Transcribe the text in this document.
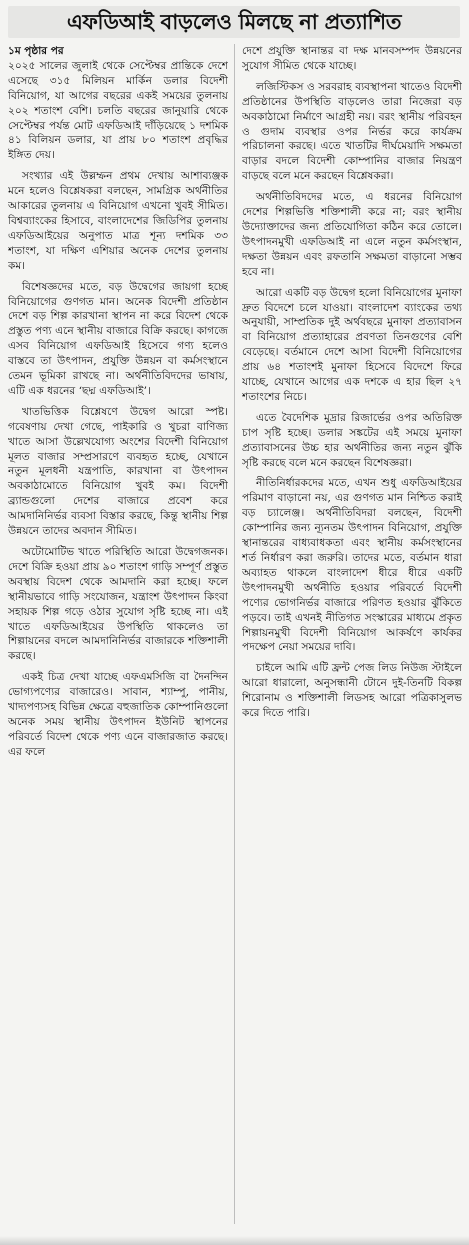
এফডিআই বাড়লেও মিলছে না প্রত্যাশিত
১ম পৃষ্ঠার পর

২০২৫ সালের জুলাই থেকে সেপ্টেম্বর প্রান্তিকে দেশে এসেছে ৩১৫ মিলিয়ন মার্কিন ডলার বিদেশী বিনিয়োগ, যা আগের বছরের একই সময়ের তুলনায় ২০২ শতাংশ বেশি। চলতি বছরের জানুয়ারি থেকে সেপ্টেম্বর পর্যন্ত মোট এফডিআই দাঁড়িয়েছে ১ দশমিক ৪১ বিলিয়ন ডলার, যা প্রায় ৮০ শতাংশ প্রবৃদ্ধির ইঙ্গিত দেয়।

সংখ্যার এই উল্লম্ফন প্রথম দেখায় আশাব্যঞ্জক মনে হলেও বিশ্লেষকরা বলছেন, সামগ্রিক অর্থনীতির আকারের তুলনায় এ বিনিয়োগ এখনো খুবই সীমিত। বিশ্বব্যাংকের হিসাবে, বাংলাদেশের জিডিপির তুলনায় এফডিআইয়ের অনুপাত মাত্র শূন্য দশমিক ৩৩ শতাংশ, যা দক্ষিণ এশিয়ার অনেক দেশের তুলনায় কম।

বিশেষজ্ঞদের মতে, বড় উদ্বেগের জায়গা হচ্ছে বিনিয়োগের গুণগত মান। অনেক বিদেশী প্রতিষ্ঠান দেশে বড় শিল্প কারখানা স্থাপন না করে বিদেশ থেকে প্রস্তুত পণ্য এনে স্থানীয় বাজারে বিক্রি করছে। কাগজে এসব বিনিয়োগ এফডিআই হিসেবে গণ্য হলেও বাস্তবে তা উৎপাদন, প্রযুক্তি উন্নয়ন বা কর্মসংস্থানে তেমন ভূমিকা রাখছে না। অর্থনীতিবিদদের ভাষায়, এটি এক ধরনের ‘ছদ্ম এফডিআই’।

খাতভিত্তিক বিশ্লেষণে উদ্বেগ আরো স্পষ্ট। গবেষণায় দেখা গেছে, পাইকারি ও খুচরা বাণিজ্য খাতে আসা উল্লেখযোগ্য অংশের বিদেশী বিনিয়োগ মূলত বাজার সম্প্রসারণে ব্যবহৃত হচ্ছে, যেখানে নতুন মূলধনী যন্ত্রপাতি, কারখানা বা উৎপাদন অবকাঠামোতে বিনিয়োগ খুবই কম। বিদেশী ব্র্যান্ডগুলো দেশের বাজারে প্রবেশ করে আমদানিনির্ভর ব্যবসা বিস্তার করছে, কিন্তু স্থানীয় শিল্প উন্নয়নে তাদের অবদান সীমিত।

অটোমোটিভ খাতে পরিস্থিতি আরো উদ্বেগজনক। দেশে বিক্রি হওয়া প্রায় ৯০ শতাংশ গাড়ি সম্পূর্ণ প্রস্তুত অবস্থায় বিদেশ থেকে আমদানি করা হচ্ছে। ফলে স্থানীয়ভাবে গাড়ি সংযোজন, যন্ত্রাংশ উৎপাদন কিংবা সহায়ক শিল্প গড়ে ওঠার সুযোগ সৃষ্টি হচ্ছে না। এই খাতে এফডিআইয়ের উপস্থিতি থাকলেও তা শিল্পায়নের বদলে আমদানিনির্ভর বাজারকে শক্তিশালী করছে।

একই চিত্র দেখা যাচ্ছে এফএমসিজি বা দৈনন্দিন ভোগ্যপণ্যের বাজারেও। সাবান, শ্যাম্পু, পানীয়, খাদ্যপণ্যসহ বিভিন্ন ক্ষেত্রে বহুজাতিক কোম্পানিগুলো অনেক সময় স্থানীয় উৎপাদন ইউনিট স্থাপনের পরিবর্তে বিদেশ থেকে পণ্য এনে বাজারজাত করছে। এর ফলে

দেশে প্রযুক্তি স্থানান্তর বা দক্ষ মানবসম্পদ উন্নয়নের সুযোগ সীমিত থেকে যাচ্ছে।

লজিস্টিকস ও সরবরাহ ব্যবস্থাপনা খাতেও বিদেশী প্রতিষ্ঠানের উপস্থিতি বাড়লেও তারা নিজেরা বড় অবকাঠামো নির্মাণে আগ্রহী নয়। বরং স্থানীয় পরিবহন ও গুদাম ব্যবস্থার ওপর নির্ভর করে কার্যক্রম পরিচালনা করছে। এতে খাতটির দীর্ঘমেয়াদি সক্ষমতা বাড়ার বদলে বিদেশী কোম্পানির বাজার নিয়ন্ত্রণ বাড়ছে বলে মনে করছেন বিশ্লেষকরা।

অর্থনীতিবিদদের মতে, এ ধরনের বিনিয়োগ দেশের শিল্পভিত্তি শক্তিশালী করে না; বরং স্থানীয় উদ্যোক্তাদের জন্য প্রতিযোগিতা কঠিন করে তোলে। উৎপাদনমুখী এফডিআই না এলে নতুন কর্মসংস্থান, দক্ষতা উন্নয়ন এবং রফতানি সক্ষমতা বাড়ানো সম্ভব হবে না।

আরো একটি বড় উদ্বেগ হলো বিনিয়োগের মুনাফা দ্রুত বিদেশে চলে যাওয়া। বাংলাদেশ ব্যাংকের তথ্য অনুযায়ী, সাম্প্রতিক দুই অর্থবছরে মুনাফা প্রত্যাবাসন বা বিনিয়োগ প্রত্যাহারের প্রবণতা তিনগুণের বেশি বেড়েছে। বর্তমানে দেশে আসা বিদেশী বিনিয়োগের প্রায় ৬৪ শতাংশই মুনাফা হিসেবে বিদেশে ফিরে যাচ্ছে, যেখানে আগের এক দশকে এ হার ছিল ২৭ শতাংশের নিচে।

এতে বৈদেশিক মুদ্রার রিজার্ভের ওপর অতিরিক্ত চাপ সৃষ্টি হচ্ছে। ডলার সঙ্কটের এই সময়ে মুনাফা প্রত্যাবাসনের উচ্চ হার অর্থনীতির জন্য নতুন ঝুঁকি সৃষ্টি করছে বলে মনে করছেন বিশেষজ্ঞরা।

নীতিনির্ধারকদের মতে, এখন শুধু এফডিআইয়ের পরিমাণ বাড়ানো নয়, এর গুণগত মান নিশ্চিত করাই বড় চ্যালেঞ্জ। অর্থনীতিবিদরা বলছেন, বিদেশী কোম্পানির জন্য ন্যূনতম উৎপাদন বিনিয়োগ, প্রযুক্তি স্থানান্তরের বাধ্যবাধকতা এবং স্থানীয় কর্মসংস্থানের শর্ত নির্ধারণ করা জরুরি। তাদের মতে, বর্তমান ধারা অব্যাহত থাকলে বাংলাদেশ ধীরে ধীরে একটি উৎপাদনমুখী অর্থনীতি হওয়ার পরিবর্তে বিদেশী পণ্যের ভোগনির্ভর বাজারে পরিণত হওয়ার ঝুঁকিতে পড়বে। তাই এখনই নীতিগত সংস্কারের মাধ্যমে প্রকৃত শিল্পায়নমুখী বিদেশী বিনিয়োগ আকর্ষণে কার্যকর পদক্ষেপ নেয়া সময়ের দাবি।

চাইলে আমি এটি ফ্রন্ট পেজ লিড নিউজ স্টাইলে আরো ধারালো, অনুসন্ধানী টোনে দুই-তিনটি বিকল্প শিরোনাম ও শক্তিশালী লিডসহ আরো পত্রিকাসুলভ করে দিতে পারি।
